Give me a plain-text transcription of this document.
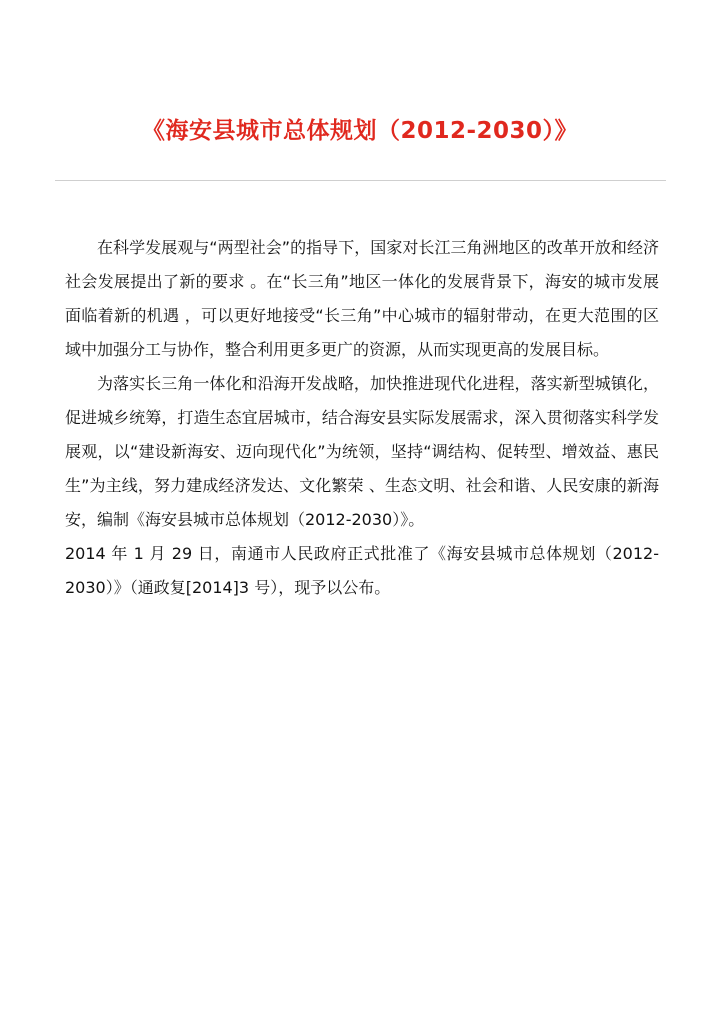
《海安县城市总体规划（2012-2030）》

在科学发展观与“两型社会”的指导下，国家对长江三角洲地区的改革开放和经济社会发展提出了新的要求 。在“长三角”地区一体化的发展背景下，海安的城市发展面临着新的机遇 ，可以更好地接受“长三角”中心城市的辐射带动，在更大范围的区域中加强分工与协作，整合利用更多更广的资源，从而实现更高的发展目标。

为落实长三角一体化和沿海开发战略，加快推进现代化进程，落实新型城镇化，促进城乡统筹，打造生态宜居城市，结合海安县实际发展需求，深入贯彻落实科学发展观，以“建设新海安、迈向现代化”为统领，坚持“调结构、促转型、增效益、惠民生”为主线，努力建成经济发达、文化繁荣 、生态文明、社会和谐、人民安康的新海安，编制《海安县城市总体规划（2012-2030）》。

2014 年 1 月 29 日，南通市人民政府正式批准了《海安县城市总体规划（2012-2030）》（通政复[2014]3 号），现予以公布。
